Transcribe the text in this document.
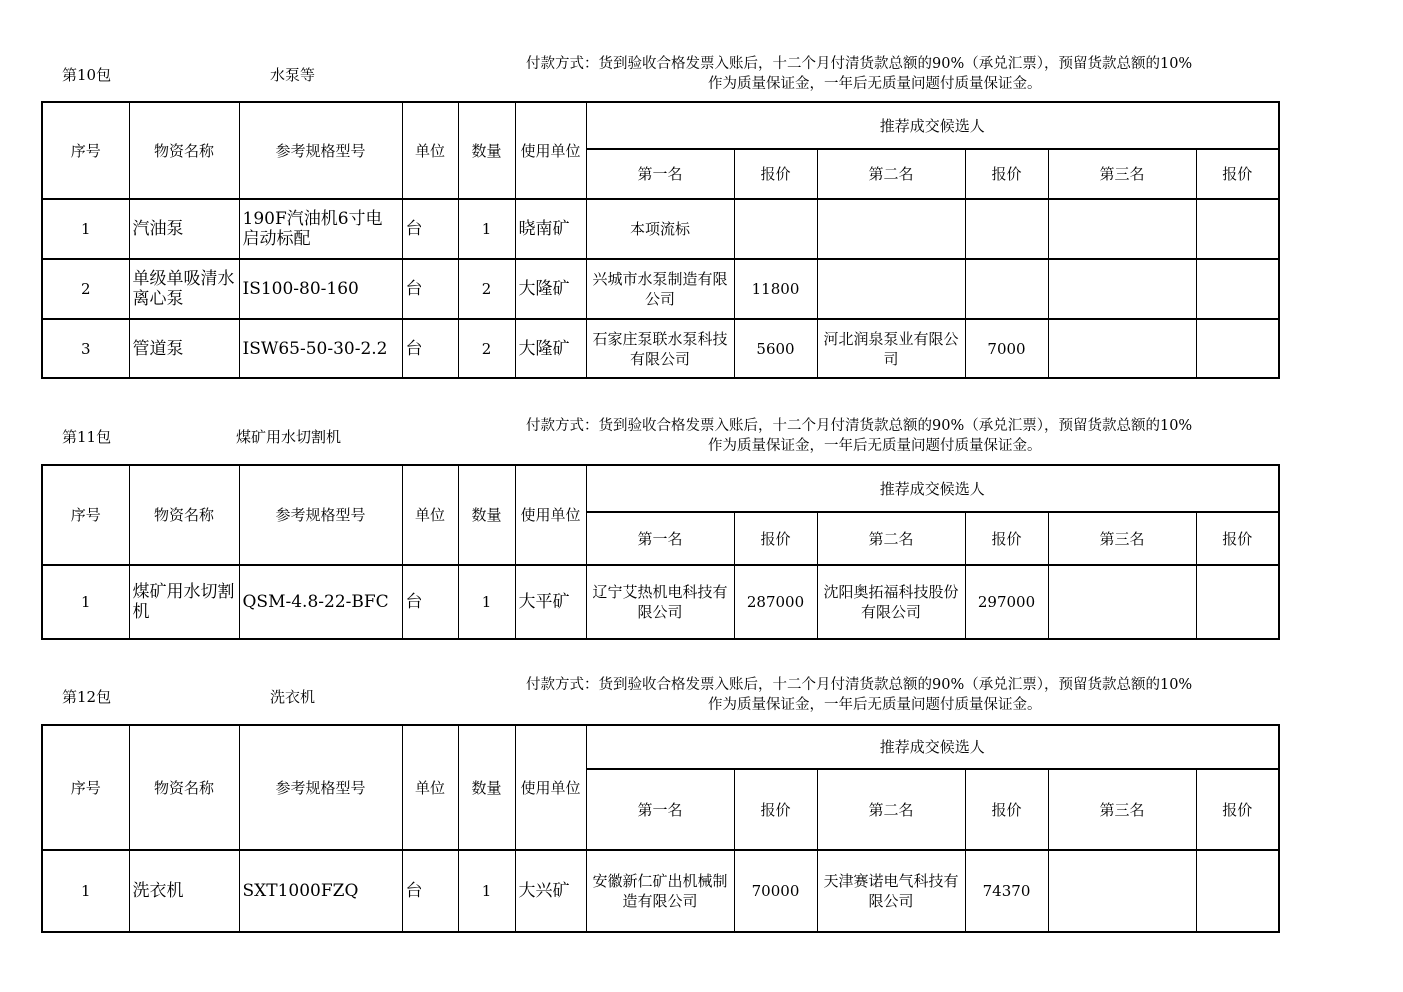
第10包	水泵等
付款方式：货到验收合格发票入账后，十二个月付清货款总额的90%（承兑汇票），预留货款总额的10%
作为质量保证金，一年后无质量问题付质量保证金。
序号	物资名称	参考规格型号	单位	数量	使用单位	推荐成交候选人					
						第一名	报价	第二名	报价	第三名	报价
1	汽油泵	190F汽油机6寸电启动标配	台	1	晓南矿	本项流标					
2	单级单吸清水离心泵	IS100-80-160	台	2	大隆矿	兴城市水泵制造有限公司	11800				
3	管道泵	ISW65-50-30-2.2	台	2	大隆矿	石家庄泵联水泵科技有限公司	5600	河北润泉泵业有限公司	7000		
第11包	煤矿用水切割机
付款方式：货到验收合格发票入账后，十二个月付清货款总额的90%（承兑汇票），预留货款总额的10%
作为质量保证金，一年后无质量问题付质量保证金。
序号	物资名称	参考规格型号	单位	数量	使用单位	推荐成交候选人					
						第一名	报价	第二名	报价	第三名	报价
1	煤矿用水切割机	QSM-4.8-22-BFC	台	1	大平矿	辽宁艾热机电科技有限公司	287000	沈阳奥拓福科技股份有限公司	297000		
第12包	洗衣机
付款方式：货到验收合格发票入账后，十二个月付清货款总额的90%（承兑汇票），预留货款总额的10%
作为质量保证金，一年后无质量问题付质量保证金。
序号	物资名称	参考规格型号	单位	数量	使用单位	推荐成交候选人					
						第一名	报价	第二名	报价	第三名	报价
1	洗衣机	SXT1000FZQ	台	1	大兴矿	安徽新仁矿出机械制造有限公司	70000	天津赛诺电气科技有限公司	74370		
